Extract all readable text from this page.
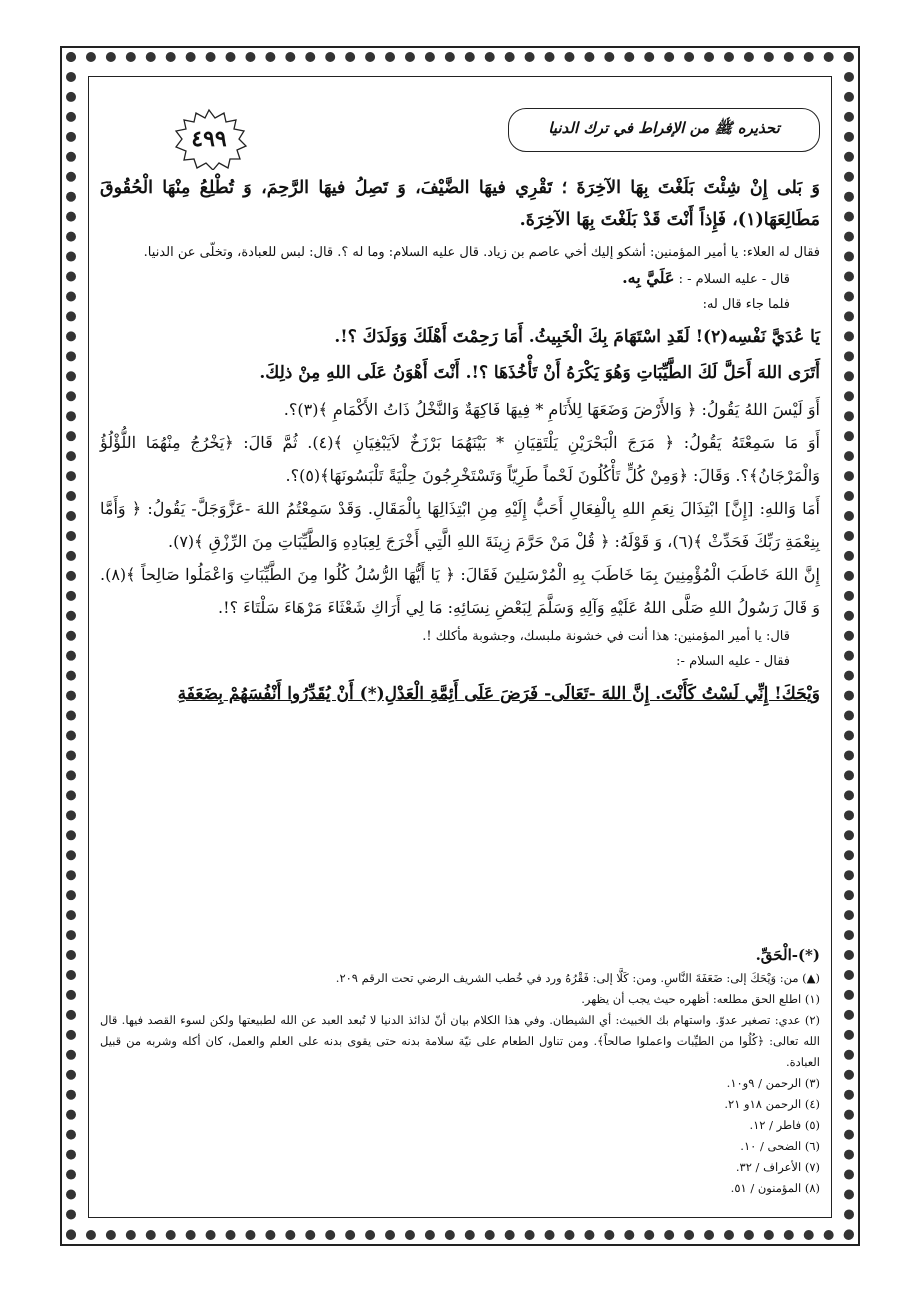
تحذيره ﷺ من الإفراط في ترك الدنيا
٤٩٩

وَ بَلى إِنْ شِئْتَ بَلَغْتَ بِهَا الآخِرَةَ ؛ تَقْرِي فيهَا الضَّيْفَ، وَ تَصِلُ فيهَا الرَّحِمَ، وَ تُطْلِعُ مِنْهَا الْحُقُوقَ مَطَالِعَهَا(١)، فَإِذاً أَنْتَ قَدْ بَلَغْتَ بِهَا الآخِرَةَ.

فقال له العلاء: يا أمير المؤمنين: أشكو إليك أخي عاصم بن زياد. قال عليه السلام: وما له ؟. قال: لبس للعبادة، وتخلّى عن الدنيا.

قال - عليه السلام - : عَلَيَّ بِه.

فلما جاء قال له:

يَا عُدَيَّ نَفْسِه(٢)! لَقَدِ اسْتَهَامَ بِكَ الْخَبِيثُ. أَمَا رَحِمْتَ أَهْلَكَ وَوَلَدَكَ ؟!.

أَتَرَى اللهَ أَحَلَّ لَكَ الطَّيِّبَاتِ وَهُوَ يَكْرَهُ أَنْ تَأْخُذَهَا ؟!. أَنْتَ أَهْوَنُ عَلَى اللهِ مِنْ ذلِكَ.

أَوَ لَيْسَ اللهُ يَقُولُ: ﴿ وَالأَرْضَ وَضَعَهَا لِلأَنَامِ * فِيهَا فَاكِهَةٌ وَالنَّخْلُ ذَاتُ الأَكْمَامِ ﴾(٣)؟.

أَوَ مَا سَمِعْتَهُ يَقُولُ: ﴿ مَرَجَ الْبَحْرَيْنِ يَلْتَقِيَانِ * بَيْنَهُمَا بَرْزَخٌ لاَيَبْغِيَانِ ﴾(٤). ثُمَّ قَالَ: ﴿يَخْرُجُ مِنْهُمَا اللُّؤْلُؤُ وَالْمَرْجَانُ﴾؟. وَقَالَ: ﴿وَمِنْ كُلٍّ تَأْكُلُونَ لَحْماً طَرِيّاً وَتَسْتَخْرِجُونَ حِلْيَةً تَلْبَسُونَهَا﴾(٥)؟.

أَمَا وَاللهِ: [إِنَّ] ابْتِذَالَ نِعَمِ اللهِ بِالْفِعَالِ أَحَبُّ إِلَيْهِ مِنِ ابْتِذَالِهَا بِالْمَقَالِ. وَقَدْ سَمِعْتُمُ اللهَ -عَزَّوَجَلَّ- يَقُولُ: ﴿ وَأَمَّا بِنِعْمَةِ رَبِّكَ فَحَدِّثْ ﴾(٦)، وَ قَوْلَهُ: ﴿ قُلْ مَنْ حَرَّمَ زِينَةَ اللهِ الَّتِي أَخْرَجَ لِعِبَادِهِ وَالطَّيِّبَاتِ مِنَ الرِّزْقِ ﴾(٧).

إِنَّ اللهَ خَاطَبَ الْمُؤْمِنِينَ بِمَا خَاطَبَ بِهِ الْمُرْسَلِينَ فَقَالَ: ﴿ يَا أَيُّهَا الرُّسُلُ كُلُوا مِنَ الطَّيِّبَاتِ وَاعْمَلُوا صَالِحاً ﴾(٨). وَ قَالَ رَسُولُ اللهِ صَلَّى اللهُ عَلَيْهِ وَآلِهِ وَسَلَّمَ لِبَعْضِ نِسَائِهِ: مَا لِي أَرَاكِ شَعْثَاءَ مَرْهَاءَ سَلْتَاءَ ؟!.

قال: يا أمير المؤمنين: هذا أنت في خشونة ملبسك، وجشوبة مأكلك !.

فقال - عليه السلام -:

وَيْحَكَ! إِنِّي لَسْتُ كَأَنْتَ. إِنَّ اللهَ -تَعَالَى- فَرَضَ عَلَى أَئِمَّةِ الْعَدْلِ(*) أَنْ يُقَدِّرُوا أَنْفُسَهُمْ بِضَعَفَةِ

(*)-الْحَقِّ.

(▲) من: وَيْحَكَ إلى: ضَعَفَةَ النَّاسِ. ومن: كَلَّا إلى: فَقْرُهُ ورد في خُطب الشريف الرضي تحت الرقم ٢٠٩.

(١) اطلع الحق مطلعه: أظهره حيث يجب أن يظهر.

(٢) عدي: تصغير عدوّ. واستهام بك الخبيث: أي الشيطان. وفي هذا الكلام بيان أنّ لذائذ الدنيا لا تُبعد العبد عن الله لطبيعتها ولكن لسوء القصد فيها. قال الله تعالى: ﴿كُلُوا من الطيِّبات واعملوا صالحاً﴾. ومن تناول الطعام على نيّة سلامة بدنه حتى يقوى بدنه على العلم والعمل، كان أكله وشربه من قبيل العبادة.

(٣) الرحمن / ٩و١٠.

(٤) الرحمن ١٨و ٢١.

(٥) فاطر / ١٢.

(٦) الضحى / ١٠.

(٧) الأعراف / ٣٢.

(٨) المؤمنون / ٥١.
